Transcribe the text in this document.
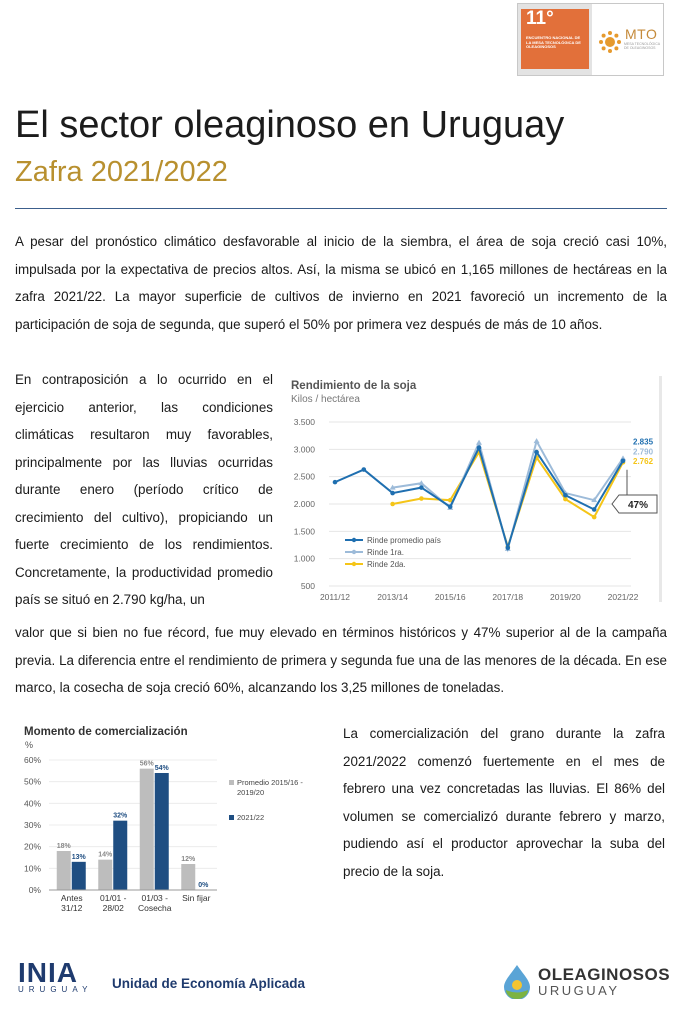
11°
ENCUENTRO NACIONAL DE LA MESA TECNOLÓGICA DE OLEAGINOSOS
MTO
MESA TECNOLÓGICA DE OLEAGINOSOS
El sector oleaginoso en Uruguay
Zafra 2021/2022

A pesar del pronóstico climático desfavorable al inicio de la siembra, el área de soja creció casi 10%, impulsada por la expectativa de precios altos. Así, la misma se ubicó en 1,165 millones de hectáreas en la zafra 2021/22. La mayor superficie de cultivos de invierno en 2021 favoreció un incremento de la participación de soja de segunda, que superó el 50% por primera vez después de más de 10 años.

En contraposición a lo ocurrido en el ejercicio anterior, las condiciones climáticas resultaron muy favorables, principalmente por las lluvias ocurridas durante enero (período crítico de crecimiento del cultivo), propiciando un fuerte crecimiento de los rendimientos. Concretamente, la productividad promedio país se situó en 2.790 kg/ha, un

valor que si bien no fue récord, fue muy elevado en términos históricos y 47% superior al de la campaña previa. La diferencia entre el rendimiento de primera y segunda fue una de las menores de la década. En ese marco, la cosecha de soja creció 60%, alcanzando los 3,25 millones de toneladas.

La comercialización del grano durante la zafra 2021/2022 comenzó fuertemente en el mes de febrero una vez concretadas las lluvias. El 86% del volumen se comercializó durante febrero y marzo, pudiendo así el productor aprovechar la suba del precio de la soja.

Rendimiento de la soja
Kilos / hectárea
500
1.000
1.500
2.000
2.500
3.000
3.500
2011/12	2013/14	2015/16	2017/18	2019/20	2021/22
2.835
2.790
2.762
47%
Rinde promedio país
Rinde 1ra.
Rinde 2da.
Momento de comercialización
%
0%
10%
20%
30%
40%
50%
60%
18%
13%
Antes
31/12
14%
32%
01/01 -
28/02
56%
54%
01/03 -
Cosecha
12%
0%
Sin fijar
Promedio 2015/16 -
2019/20
2021/22
INIA
URUGUAY Unidad de Economía Aplicada	OLEAGINOSOS
URUGUAY
